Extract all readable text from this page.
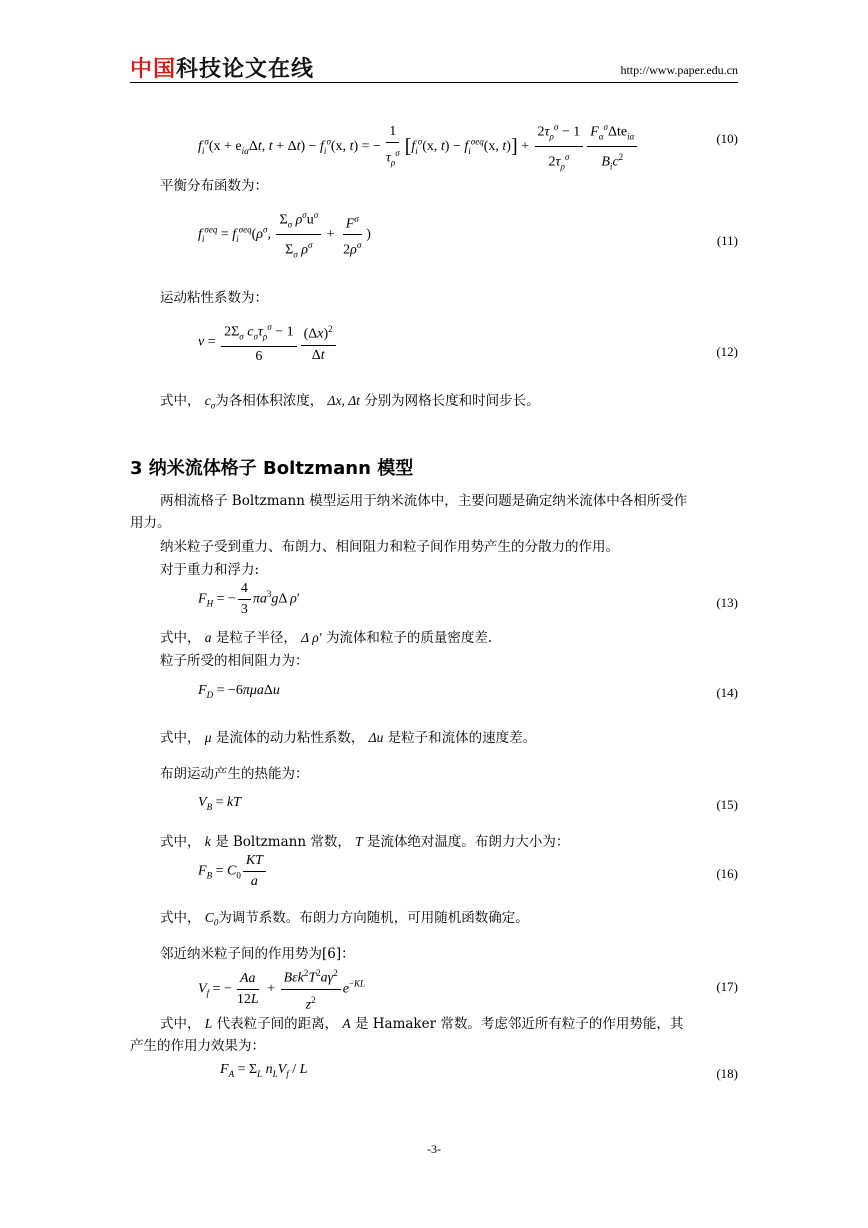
中国科技论文在线	http://www.paper.edu.cn
$f_i^\sigma(x + e_{i\alpha}\Delta t$, $t + \Delta t) - f_i^\sigma(x$, t) = − $\frac{1}{\tau_\rho^\sigma} [f_i^\sigma(x$, $t) - f_i^{\sigma eq}(x$, $t)] + \frac{2\tau_\rho^\sigma - 1}{2\tau_\rho^\sigma} \frac{F_\alpha^\sigma\Delta te_{i\alpha}}{B_ic^2}$	(10)
平衡分布函数为：
$f_i^{\sigma eq} = f_i^{\sigma eq}(\rho^\sigma$, $\frac{\Sigma_\sigma \rho^\sigma u^\sigma}{\Sigma_\sigma \rho^\sigma} + \frac{F^\sigma}{2\rho^\sigma}$ )	(11)
运动粘性系数为：
$v = \frac{2\Sigma_\sigma c_\sigma\tau_\rho^\sigma - 1}{6} \frac{(\Delta x)^2}{\Delta t}$	(12)
式中， $c_\sigma$为各相体积浓度， Δx, Δt 分别为网格长度和时间步长。
3 纳米流体格子 Boltzmann 模型
两相流格子 Boltzmann 模型运用于纳米流体中，主要问题是确定纳米流体中各相所受作
用力。
纳米粒子受到重力、布朗力、相间阻力和粒子间作用势产生的分散力的作用。
对于重力和浮力:
$F_H$ = − $\frac{4}{3} \pi a^3g\Delta$ ρ′	(13)
式中， a 是粒子半径， Δ ρ′ 为流体和粒子的质量密度差.
粒子所受的相间阻力为：
$F_D = -6\pi\mu a\Delta u$	(14)
式中， μ 是流体的动力粘性系数， Δu 是粒子和流体的速度差。
布朗运动产生的热能为：
$V_B$ = kT	(15)
式中， k 是 Boltzmann 常数， T 是流体绝对温度。布朗力大小为：
$F_B = C_0 \frac{KT}{a}$	(16)
式中， $C_0$为调节系数。布朗力方向随机，可用随机函数确定。
邻近纳米粒子间的作用势为[6]：
$V_f$ = − $\frac{Aa}{12L} + \frac{B\varepsilon k^2T^2a\gamma^2}{z^2} e^{-KL}$	(17)
式中， L 代表粒子间的距离， A 是 Hamaker 常数。考虑邻近所有粒子的作用势能，其
产生的作用力效果为：
$F_A = \Sigma_L$ $n_LV_f$ / L	(18)
-3-
